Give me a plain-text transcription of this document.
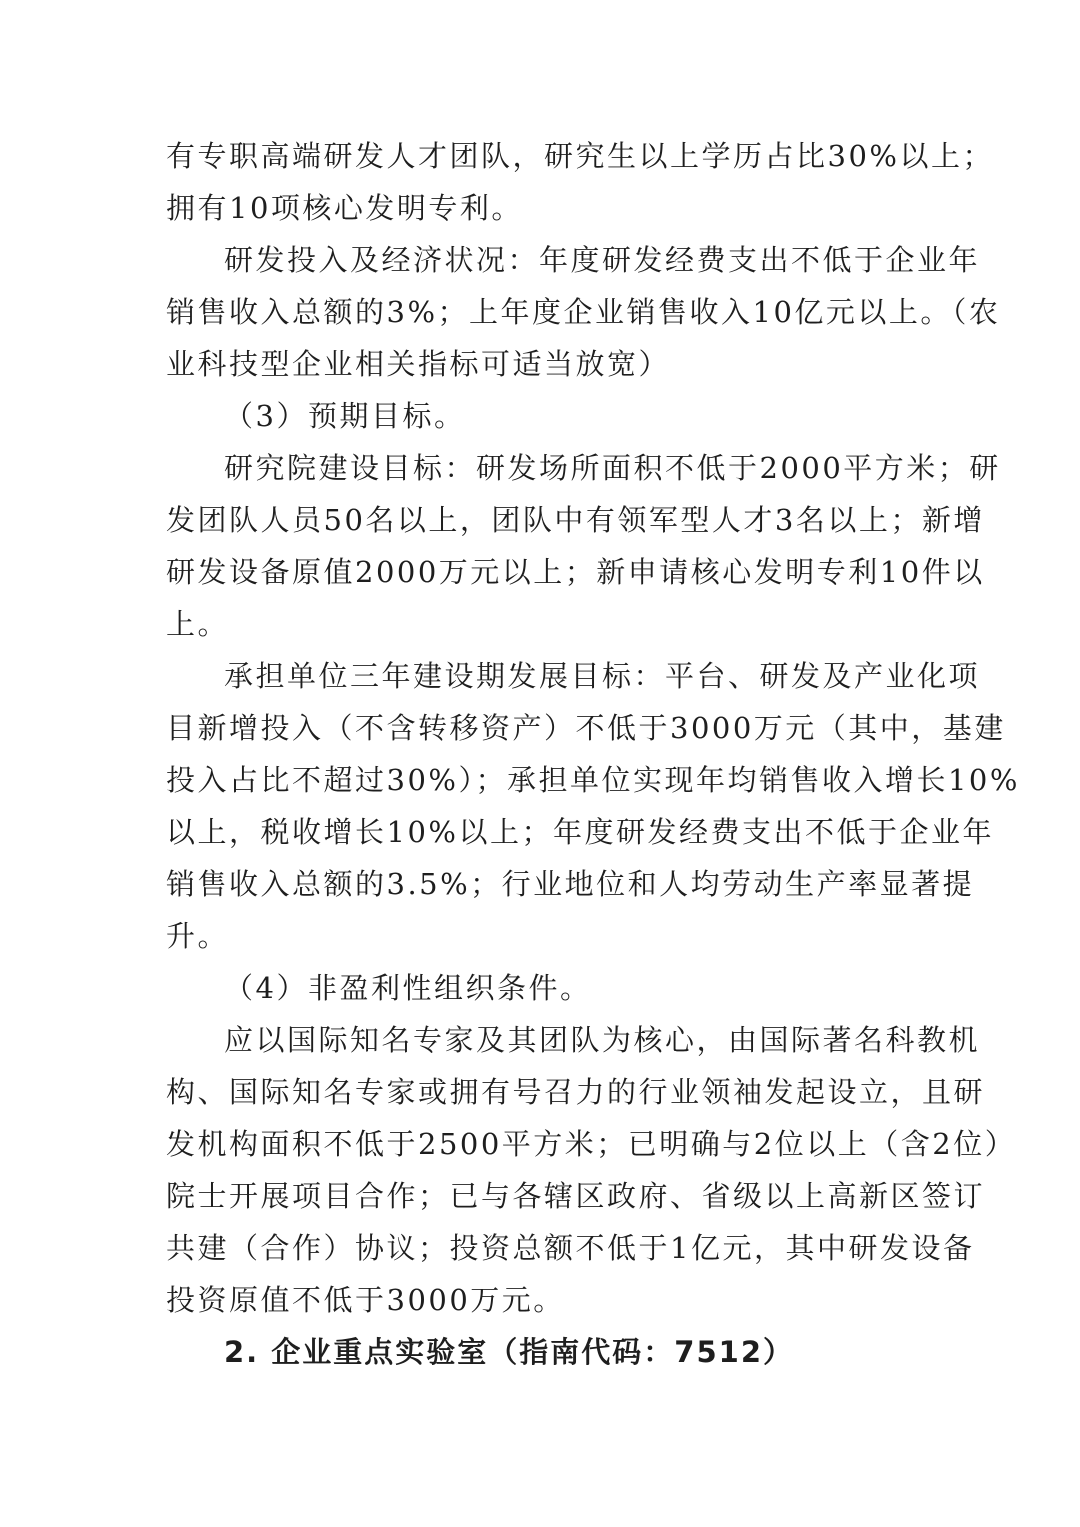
有专职高端研发人才团队，研究生以上学历占比30%以上；
拥有10项核心发明专利。
研发投入及经济状况：年度研发经费支出不低于企业年
销售收入总额的3%；上年度企业销售收入10亿元以上。（农
业科技型企业相关指标可适当放宽）
（3）预期目标。
研究院建设目标：研发场所面积不低于2000平方米；研
发团队人员50名以上，团队中有领军型人才3名以上；新增
研发设备原值2000万元以上；新申请核心发明专利10件以
上。
承担单位三年建设期发展目标：平台、研发及产业化项
目新增投入（不含转移资产）不低于3000万元（其中，基建
投入占比不超过30%）；承担单位实现年均销售收入增长10%
以上，税收增长10%以上；年度研发经费支出不低于企业年
销售收入总额的3.5%；行业地位和人均劳动生产率显著提
升。
（4）非盈利性组织条件。
应以国际知名专家及其团队为核心，由国际著名科教机
构、国际知名专家或拥有号召力的行业领袖发起设立，且研
发机构面积不低于2500平方米；已明确与2位以上（含2位）
院士开展项目合作；已与各辖区政府、省级以上高新区签订
共建（合作）协议；投资总额不低于1亿元，其中研发设备
投资原值不低于3000万元。
2. 企业重点实验室（指南代码：7512）
